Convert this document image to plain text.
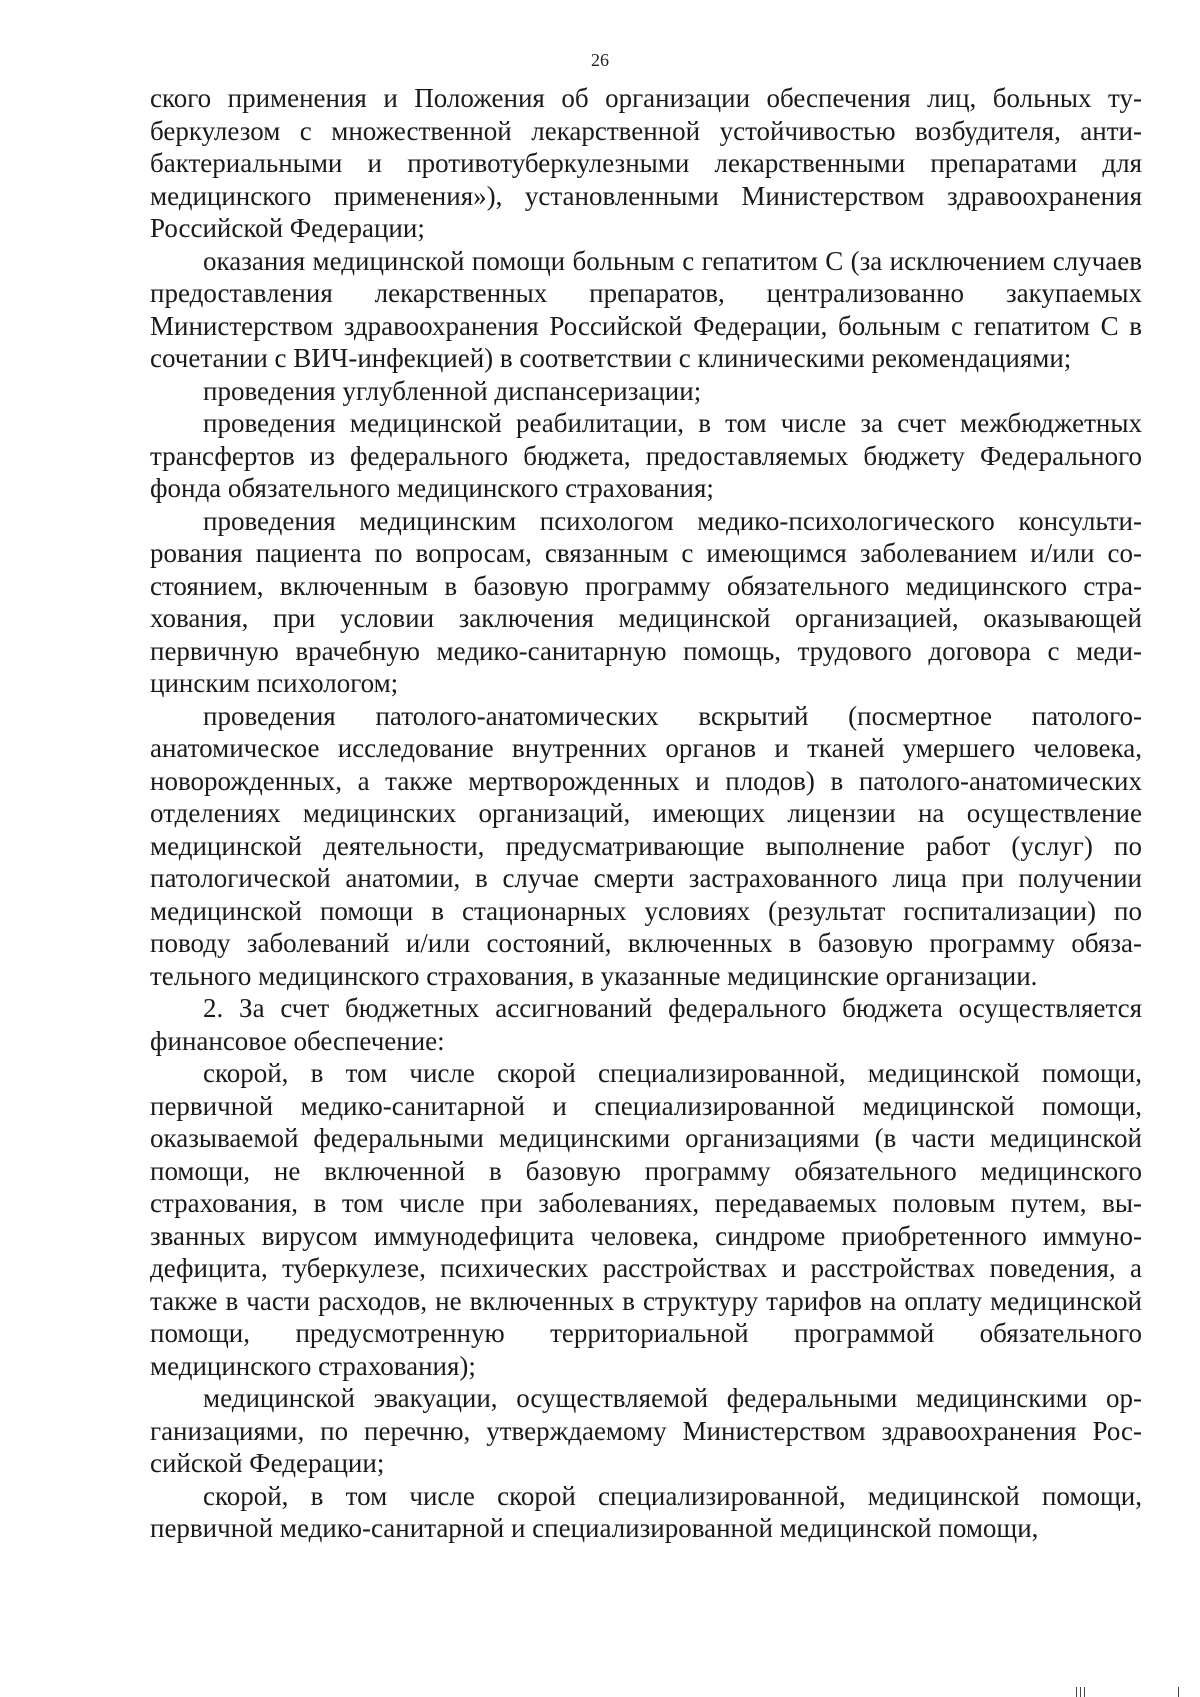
26

ского применения и Положения об организации обеспечения лиц, больных туберкулезом с множественной лекарственной устойчивостью возбудителя, антибактериальными и противотуберкулезными лекарственными препаратами для медицинского применения»), установленными Министерством здравоохранения Российской Федерации;

оказания медицинской помощи больным с гепатитом С (за исключением случаев предоставления лекарственных препаратов, централизованно закупаемых Министерством здравоохранения Российской Федерации, больным с гепатитом С в сочетании с ВИЧ-инфекцией) в соответствии с клиническими рекомендациями;

проведения углубленной диспансеризации;

проведения медицинской реабилитации, в том числе за счет межбюджетных трансфертов из федерального бюджета, предоставляемых бюджету Федерального фонда обязательного медицинского страхования;

проведения медицинским психологом медико-психологического консультирования пациента по вопросам, связанным с имеющимся заболеванием и/или состоянием, включенным в базовую программу обязательного медицинского страхования, при условии заключения медицинской организацией, оказывающей первичную врачебную медико-санитарную помощь, трудового договора с медицинским психологом;

проведения патолого-анатомических вскрытий (посмертное патологоанатомическое исследование внутренних органов и тканей умершего человека, новорожденных, а также мертворожденных и плодов) в патолого-анатомических отделениях медицинских организаций, имеющих лицензии на осуществление медицинской деятельности, предусматривающие выполнение работ (услуг) по патологической анатомии, в случае смерти застрахованного лица при получении медицинской помощи в стационарных условиях (результат госпитализации) по поводу заболеваний и/или состояний, включенных в базовую программу обязательного медицинского страхования, в указанные медицинские организации.

2. За счет бюджетных ассигнований федерального бюджета осуществляется финансовое обеспечение:

скорой, в том числе скорой специализированной, медицинской помощи, первичной медико-санитарной и специализированной медицинской помощи, оказываемой федеральными медицинскими организациями (в части медицинской помощи, не включенной в базовую программу обязательного медицинского страхования, в том числе при заболеваниях, передаваемых половым путем, вызванных вирусом иммунодефицита человека, синдроме приобретенного иммунодефицита, туберкулезе, психических расстройствах и расстройствах поведения, а также в части расходов, не включенных в структуру тарифов на оплату медицинской помощи, предусмотренную территориальной программой обязательного медицинского страхования);

медицинской эвакуации, осуществляемой федеральными медицинскими организациями, по перечню, утверждаемому Министерством здравоохранения Российской Федерации;

скорой, в том числе скорой специализированной, медицинской помощи, первичной медико-санитарной и специализированной медицинской помощи,
